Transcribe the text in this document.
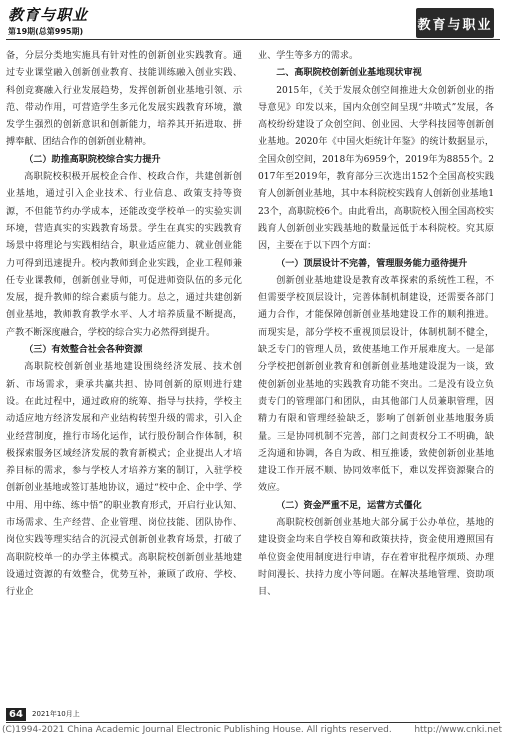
教育与职业
第19期(总第995期)	教育与职业

备，分层分类地实施具有针对性的创新创业实践教育。通过专业课堂融入创新创业教育、技能训练融入创业实践、科创竞赛融入行业发展趋势，发挥创新创业基地引领、示范、带动作用，可营造学生多元化发展实践教育环境，激发学生强烈的创新意识和创新能力，培养其开拓进取、拼搏奉献、团结合作的创新创业精神。

（二）助推高职院校综合实力提升

高职院校积极开展校企合作、校政合作，共建创新创业基地，通过引入企业技术、行业信息、政策支持等资源，不但能节约办学成本，还能改变学校单一的实验实训环境，营造真实的实践教育场景。学生在真实的实践教育场景中将理论与实践相结合，职业适应能力、就业创业能力可得到迅速提升。校内教师到企业实践，企业工程师兼任专业课教师，创新创业导师，可促进师资队伍的多元化发展，提升教师的综合素质与能力。总之，通过共建创新创业基地，教师教育教学水平、人才培养质量不断提高，产教不断深度融合，学校的综合实力必然得到提升。

（三）有效整合社会各种资源

高职院校创新创业基地建设围绕经济发展、技术创新、市场需求，秉承共赢共担、协同创新的原则进行建设。在此过程中，通过政府的统筹、指导与扶持，学校主动适应地方经济发展和产业结构转型升级的需求，引入企业经营制度，推行市场化运作，试行股份制合作体制，积极探索服务区域经济发展的教育新模式；企业提出人才培养目标的需求，参与学校人才培养方案的制订，入驻学校创新创业基地或签订基地协议，通过“校中企、企中学、学中用、用中练、练中悟”的职业教育形式，开启行业认知、市场需求、生产经营、企业管理、岗位技能、团队协作、岗位实践等理实结合的沉浸式创新创业教育场景，打破了高职院校单一的办学主体模式。高职院校创新创业基地建设通过资源的有效整合，优势互补，兼顾了政府、学校、行业企

业、学生等多方的需求。

二、高职院校创新创业基地现状审视

2015年，《关于发展众创空间推进大众创新创业的指导意见》印发以来，国内众创空间呈现“井喷式”发展，各高校纷纷建设了众创空间、创业园、大学科技园等创新创业基地。2020年《中国火炬统计年鉴》的统计数据显示，全国众创空间，2018年为6959个，2019年为8855个。2017年至2019年，教育部分三次选出152个全国高校实践育人创新创业基地，其中本科院校实践育人创新创业基地123个，高职院校6个。由此看出，高职院校入围全国高校实践育人创新创业实践基地的数量远低于本科院校。究其原因，主要在于以下四个方面：

（一）顶层设计不完善，管理服务能力亟待提升

创新创业基地建设是教育改革探索的系统性工程，不但需要学校顶层设计，完善体制机制建设，还需要各部门通力合作，才能保障创新创业基地建设工作的顺利推进。而现实是，部分学校不重视顶层设计，体制机制不健全，缺乏专门的管理人员，致使基地工作开展难度大。一是部分学校把创新创业教育和创新创业基地建设混为一谈，致使创新创业基地的实践教育功能不突出。二是没有设立负责专门的管理部门和团队，由其他部门人员兼职管理，因精力有限和管理经验缺乏，影响了创新创业基地服务质量。三是协同机制不完善，部门之间责权分工不明确，缺乏沟通和协调，各自为政、相互推诿，致使创新创业基地建设工作开展不顺、协同效率低下，难以发挥资源聚合的效应。

（二）资金严重不足，运营方式僵化

高职院校创新创业基地大部分属于公办单位，基地的建设资金均来自学校自筹和政策扶持，资金使用遵照国有单位资金使用制度进行申请，存在着审批程序烦琐、办理时间漫长、扶持力度小等问题。在解决基地管理、资助项目、

64	2021年10月上
(C)1994-2021 China Academic Journal Electronic Publishing House. All rights reserved.	http://www.cnki.net
